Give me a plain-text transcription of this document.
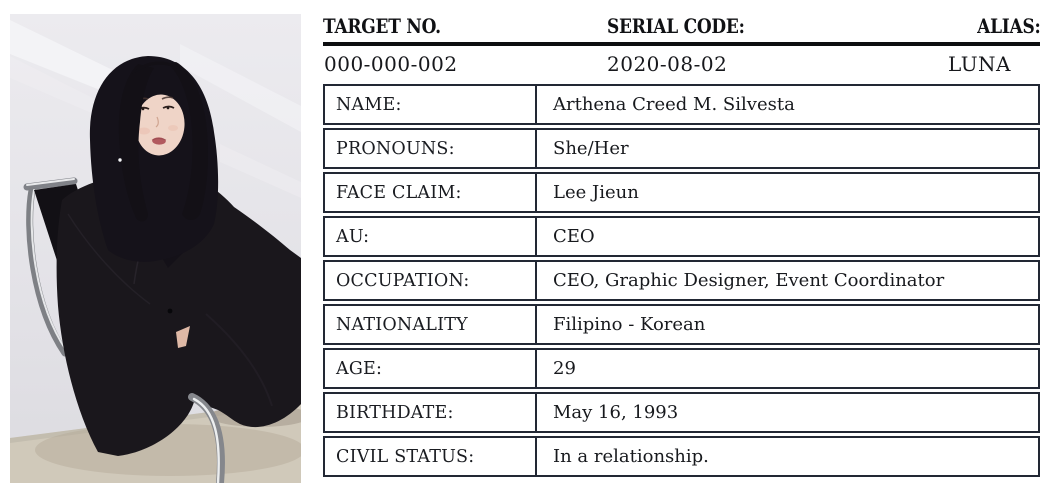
TARGET NO.	SERIAL CODE:	ALIAS:
000-000-002	2020-08-02	LUNA
NAME:	Arthena Creed M. Silvesta
PRONOUNS:	She/Her
FACE CLAIM:	Lee Jieun
AU:	CEO
OCCUPATION:	CEO, Graphic Designer, Event Coordinator
NATIONALITY	Filipino - Korean
AGE:	29
BIRTHDATE:	May 16, 1993
CIVIL STATUS:	In a relationship.
